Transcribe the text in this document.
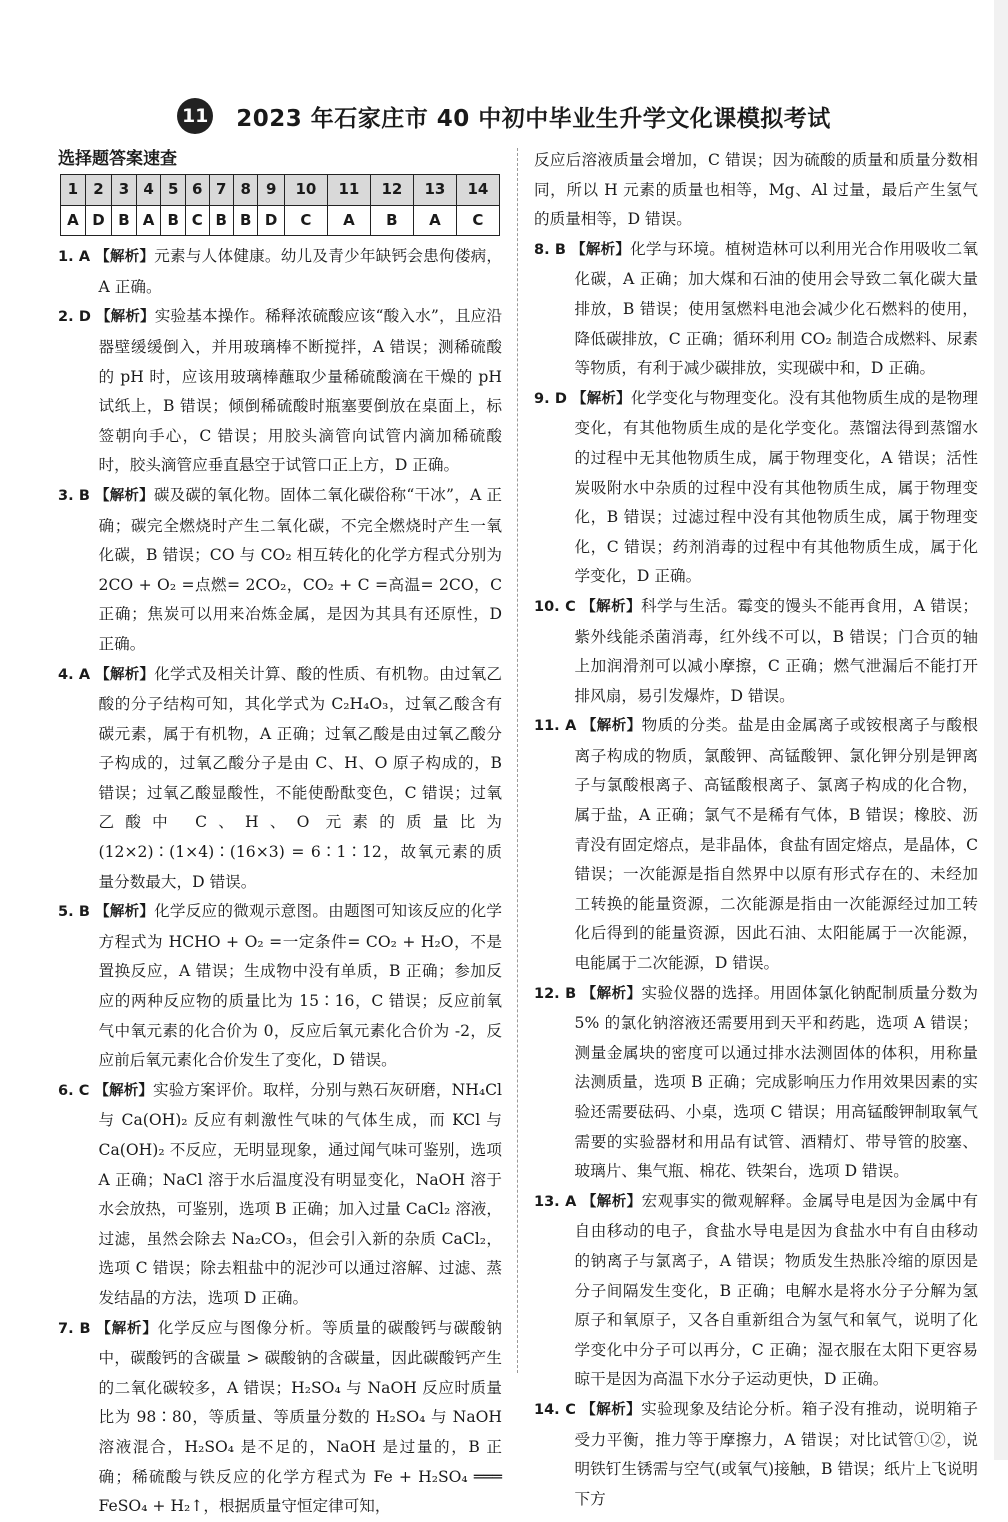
11 2023 年石家庄市 40 中初中毕业生升学文化课模拟考试
选择题答案速查
1	2	3	4	5	6	7	8	9	10	11	12	13	14
A	D	B	A	B	C	B	B	D	C	A	B	A	C

1. A 【解析】元素与人体健康。幼儿及青少年缺钙会患佝偻病，A 正确。

2. D 【解析】实验基本操作。稀释浓硫酸应该“酸入水”，且应沿器壁缓缓倒入，并用玻璃棒不断搅拌，A 错误；测稀硫酸的 pH 时，应该用玻璃棒蘸取少量稀硫酸滴在干燥的 pH 试纸上，B 错误；倾倒稀硫酸时瓶塞要倒放在桌面上，标签朝向手心，C 错误；用胶头滴管向试管内滴加稀硫酸时，胶头滴管应垂直悬空于试管口正上方，D 正确。

3. B 【解析】碳及碳的氧化物。固体二氧化碳俗称“干冰”，A 正确；碳完全燃烧时产生二氧化碳，不完全燃烧时产生一氧化碳，B 错误；CO 与 CO₂ 相互转化的化学方程式分别为 2CO + O₂ =点燃= 2CO₂，CO₂ + C =高温= 2CO，C 正确；焦炭可以用来冶炼金属，是因为其具有还原性，D 正确。

4. A 【解析】化学式及相关计算、酸的性质、有机物。由过氧乙酸的分子结构可知，其化学式为 C₂H₄O₃，过氧乙酸含有碳元素，属于有机物，A 正确；过氧乙酸是由过氧乙酸分子构成的，过氧乙酸分子是由 C、H、O 原子构成的，B 错误；过氧乙酸显酸性，不能使酚酞变色，C 错误；过氧乙酸中 C、H、O 元素的质量比为(12×2)∶(1×4)∶(16×3) = 6∶1∶12，故氧元素的质量分数最大，D 错误。

5. B 【解析】化学反应的微观示意图。由题图可知该反应的化学方程式为 HCHO + O₂ =一定条件= CO₂ + H₂O，不是置换反应，A 错误；生成物中没有单质，B 正确；参加反应的两种反应物的质量比为 15∶16，C 错误；反应前氧气中氧元素的化合价为 0，反应后氧元素化合价为 -2，反应前后氧元素化合价发生了变化，D 错误。

6. C 【解析】实验方案评价。取样，分别与熟石灰研磨，NH₄Cl 与 Ca(OH)₂ 反应有刺激性气味的气体生成，而 KCl 与 Ca(OH)₂ 不反应，无明显现象，通过闻气味可鉴别，选项 A 正确；NaCl 溶于水后温度没有明显变化，NaOH 溶于水会放热，可鉴别，选项 B 正确；加入过量 CaCl₂ 溶液，过滤，虽然会除去 Na₂CO₃，但会引入新的杂质 CaCl₂，选项 C 错误；除去粗盐中的泥沙可以通过溶解、过滤、蒸发结晶的方法，选项 D 正确。

7. B 【解析】化学反应与图像分析。等质量的碳酸钙与碳酸钠中，碳酸钙的含碳量 > 碳酸钠的含碳量，因此碳酸钙产生的二氧化碳较多，A 错误；H₂SO₄ 与 NaOH 反应时质量比为 98∶80，等质量、等质量分数的 H₂SO₄ 与 NaOH 溶液混合，H₂SO₄ 是不足的，NaOH 是过量的，B 正确；稀硫酸与铁反应的化学方程式为 Fe + H₂SO₄ ═══ FeSO₄ + H₂↑，根据质量守恒定律可知，

反应后溶液质量会增加，C 错误；因为硫酸的质量和质量分数相同，所以 H 元素的质量也相等，Mg、Al 过量，最后产生氢气的质量相等，D 错误。

8. B 【解析】化学与环境。植树造林可以利用光合作用吸收二氧化碳，A 正确；加大煤和石油的使用会导致二氧化碳大量排放，B 错误；使用氢燃料电池会减少化石燃料的使用，降低碳排放，C 正确；循环利用 CO₂ 制造合成燃料、尿素等物质，有利于减少碳排放，实现碳中和，D 正确。

9. D 【解析】化学变化与物理变化。没有其他物质生成的是物理变化，有其他物质生成的是化学变化。蒸馏法得到蒸馏水的过程中无其他物质生成，属于物理变化，A 错误；活性炭吸附水中杂质的过程中没有其他物质生成，属于物理变化，B 错误；过滤过程中没有其他物质生成，属于物理变化，C 错误；药剂消毒的过程中有其他物质生成，属于化学变化，D 正确。

10. C 【解析】科学与生活。霉变的馒头不能再食用，A 错误；紫外线能杀菌消毒，红外线不可以，B 错误；门合页的轴上加润滑剂可以减小摩擦，C 正确；燃气泄漏后不能打开排风扇，易引发爆炸，D 错误。

11. A 【解析】物质的分类。盐是由金属离子或铵根离子与酸根离子构成的物质，氯酸钾、高锰酸钾、氯化钾分别是钾离子与氯酸根离子、高锰酸根离子、氯离子构成的化合物，属于盐，A 正确；氯气不是稀有气体，B 错误；橡胶、沥青没有固定熔点，是非晶体，食盐有固定熔点，是晶体，C 错误；一次能源是指自然界中以原有形式存在的、未经加工转换的能量资源，二次能源是指由一次能源经过加工转化后得到的能量资源，因此石油、太阳能属于一次能源，电能属于二次能源，D 错误。

12. B 【解析】实验仪器的选择。用固体氯化钠配制质量分数为 5% 的氯化钠溶液还需要用到天平和药匙，选项 A 错误；测量金属块的密度可以通过排水法测固体的体积，用称量法测质量，选项 B 正确；完成影响压力作用效果因素的实验还需要砝码、小桌，选项 C 错误；用高锰酸钾制取氧气需要的实验器材和用品有试管、酒精灯、带导管的胶塞、玻璃片、集气瓶、棉花、铁架台，选项 D 错误。

13. A 【解析】宏观事实的微观解释。金属导电是因为金属中有自由移动的电子，食盐水导电是因为食盐水中有自由移动的钠离子与氯离子，A 错误；物质发生热胀冷缩的原因是分子间隔发生变化，B 正确；电解水是将水分子分解为氢原子和氧原子，又各自重新组合为氢气和氧气，说明了化学变化中分子可以再分，C 正确；湿衣服在太阳下更容易晾干是因为高温下水分子运动更快，D 正确。

14. C 【解析】实验现象及结论分析。箱子没有推动，说明箱子受力平衡，推力等于摩擦力，A 错误；对比试管①②，说明铁钉生锈需与空气(或氧气)接触，B 错误；纸片上飞说明下方
